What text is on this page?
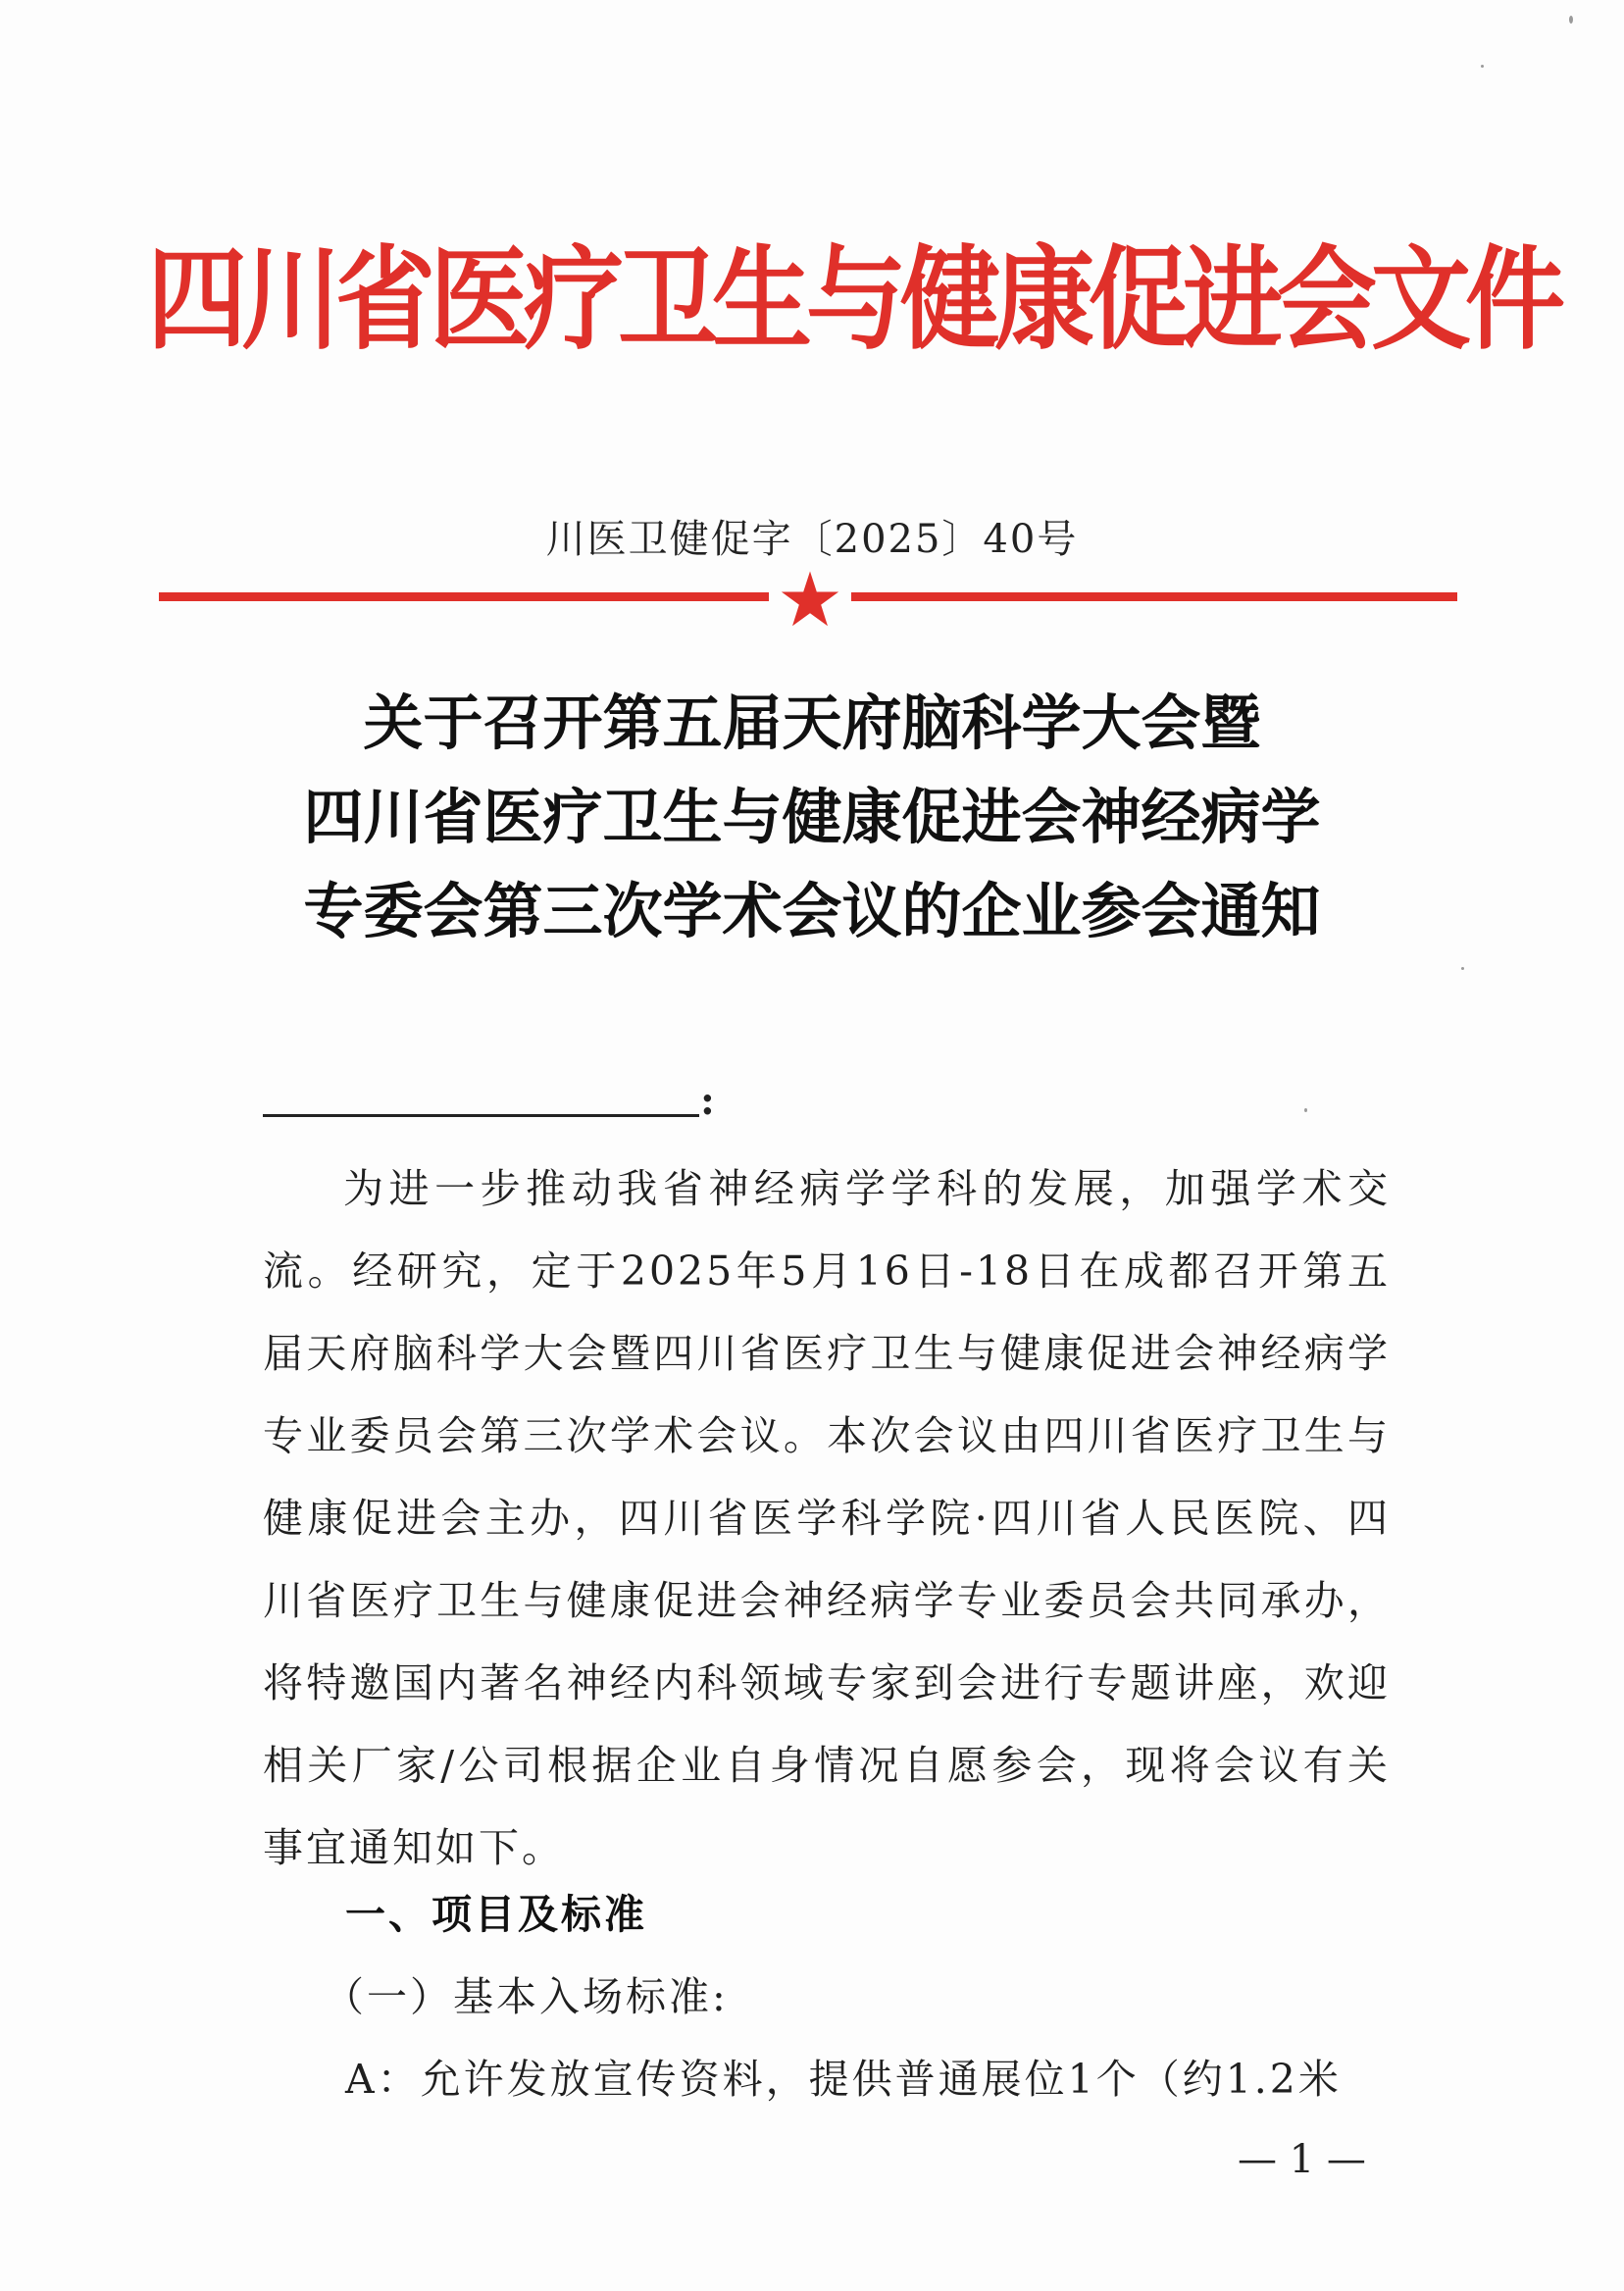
四川省医疗卫生与健康促进会文件
川医卫健促字〔2025〕40号
关于召开第五届天府脑科学大会暨
四川省医疗卫生与健康促进会神经病学
专委会第三次学术会议的企业参会通知
:

为进一步推动我省神经病学学科的发展，加强学术交流。经研究，定于2025年5月16日-18日在成都召开第五届天府脑科学大会暨四川省医疗卫生与健康促进会神经病学专业委员会第三次学术会议。本次会议由四川省医疗卫生与健康促进会主办，四川省医学科学院·四川省人民医院、四川省医疗卫生与健康促进会神经病学专业委员会共同承办，将特邀国内著名神经内科领域专家到会进行专题讲座，欢迎相关厂家/公司根据企业自身情况自愿参会，现将会议有关事宜通知如下。

一、项目及标准
（一）基本入场标准:
A：允许发放宣传资料，提供普通展位1个（约1.2米
— 1 —
